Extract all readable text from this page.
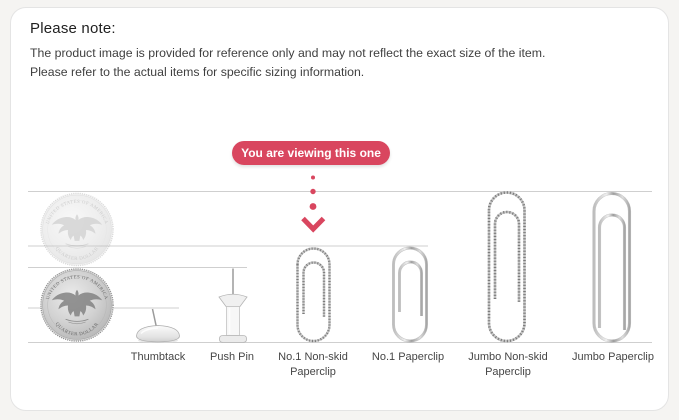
Please note:
The product image is provided for reference only and may not reflect the exact size of the item.
Please refer to the actual items for specific sizing information.
You are viewing this one
Thumbtack Push Pin No.1 Non-skid
Paperclip
No.1 Paperclip Jumbo Non-skid
Paperclip
Jumbo Paperclip
